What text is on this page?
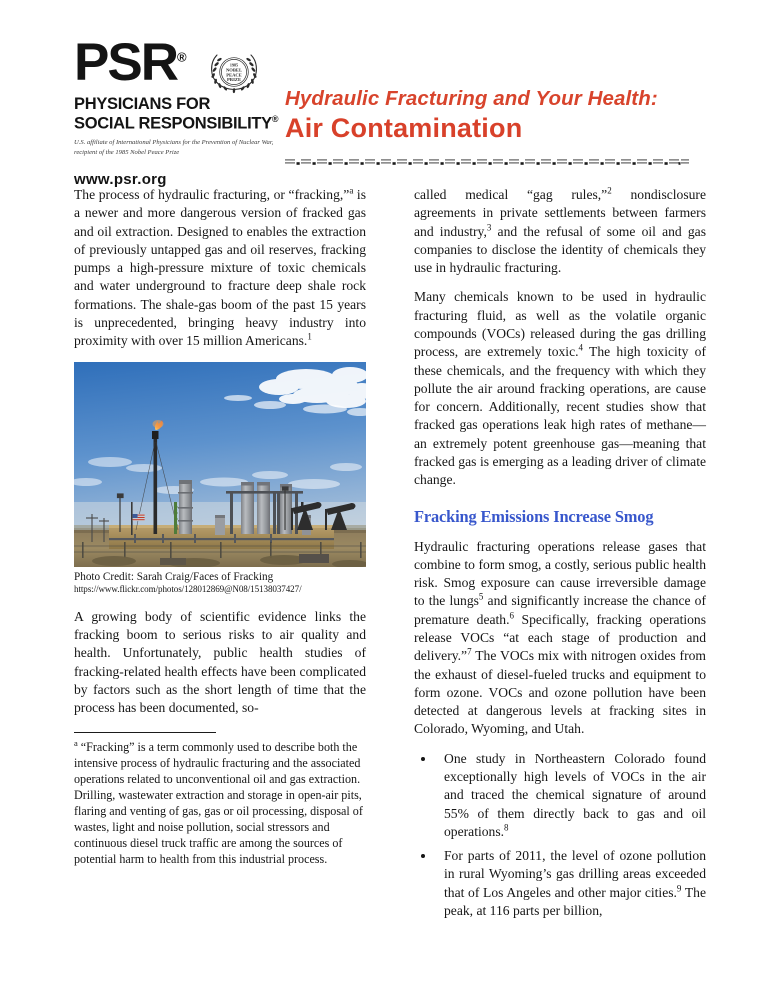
PSR®
PHYSICIANS FOR
SOCIAL RESPONSIBILITY®
U.S. affiliate of International Physicians for the Prevention of Nuclear War, recipient of the 1985 Nobel Peace Prize
www.psr.org
1985
NOBEL
PEACE
PRIZE
Hydraulic Fracturing and Your Health:
Air Contamination

The process of hydraulic fracturing, or “fracking,”$^a$ is a newer and more dangerous version of fracked gas and oil extraction. Designed to enables the extraction of previously untapped gas and oil reserves, fracking pumps a high-pressure mixture of toxic chemicals and water underground to fracture deep shale rock formations. The shale-gas boom of the past 15 years is unprecedented, bringing heavy industry into proximity with over 15 million Americans.$^1$

Photo Credit: Sarah Craig/Faces of Fracking
https://www.flickr.com/photos/128012869@N08/15138037427/

A growing body of scientific evidence links the fracking boom to serious risks to air quality and health. Unfortunately, public health studies of fracking-related health effects have been complicated by factors such as the short length of time that the process has been documented, so-

$^a$ “Fracking” is a term commonly used to describe both the intensive process of hydraulic fracturing and the associated operations related to unconventional oil and gas extraction. Drilling, wastewater extraction and storage in open-air pits, flaring and venting of gas, gas or oil processing, disposal of wastes, light and noise pollution, social stressors and continuous diesel truck traffic are among the sources of potential harm to health from this industrial process.

called medical “gag rules,”$^2$ nondisclosure agreements in private settlements between farmers and industry,$^3$ and the refusal of some oil and gas companies to disclose the identity of chemicals they use in hydraulic fracturing.

Many chemicals known to be used in hydraulic fracturing fluid, as well as the volatile organic compounds (VOCs) released during the gas drilling process, are extremely toxic.$^4$ The high toxicity of these chemicals, and the frequency with which they pollute the air around fracking operations, are cause for concern. Additionally, recent studies show that fracked gas operations leak high rates of methane—an extremely potent greenhouse gas—meaning that fracked gas is emerging as a leading driver of climate change.

Fracking Emissions Increase Smog

Hydraulic fracturing operations release gases that combine to form smog, a costly, serious public health risk. Smog exposure can cause irreversible damage to the lungs$^5$ and significantly increase the chance of premature death.$^6$ Specifically, fracking operations release VOCs “at each stage of production and delivery.”$^7$ The VOCs mix with nitrogen oxides from the exhaust of diesel-fueled trucks and equipment to form ozone. VOCs and ozone pollution have been detected at dangerous levels at fracking sites in Colorado, Wyoming, and Utah.

One study in Northeastern Colorado found exceptionally high levels of VOCs in the air and traced the chemical signature of around 55% of them directly back to gas and oil operations.$^8$
For parts of 2011, the level of ozone pollution in rural Wyoming’s gas drilling areas exceeded that of Los Angeles and other major cities.$^9$ The peak, at 116 parts per billion,
